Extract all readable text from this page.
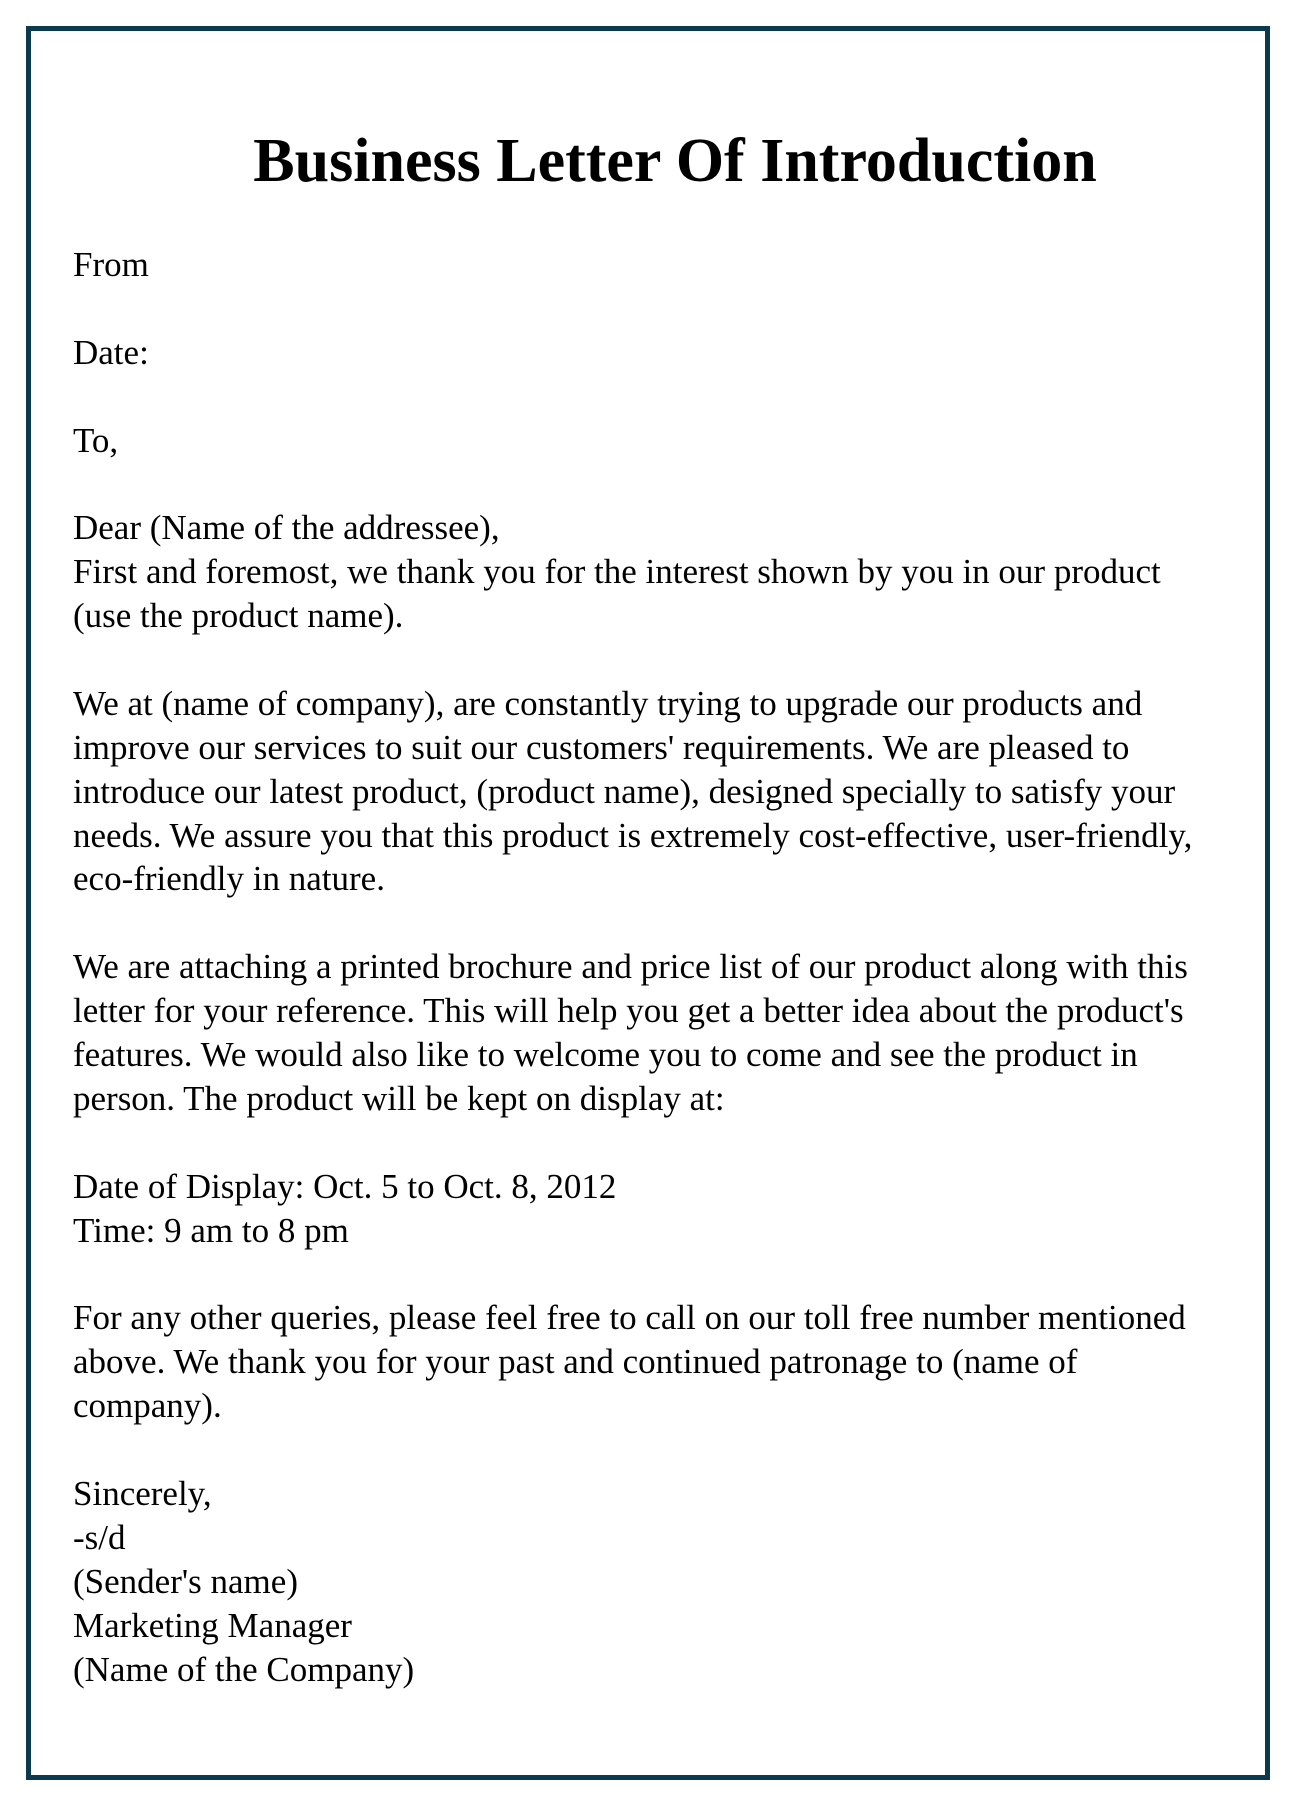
Business Letter Of Introduction
From
Date:
To,
Dear (Name of the addressee),
First and foremost, we thank you for the interest shown by you in our product
(use the product name).
We at (name of company), are constantly trying to upgrade our products and
improve our services to suit our customers' requirements. We are pleased to
introduce our latest product, (product name), designed specially to satisfy your
needs. We assure you that this product is extremely cost-effective, user-friendly,
eco-friendly in nature.
We are attaching a printed brochure and price list of our product along with this
letter for your reference. This will help you get a better idea about the product's
features. We would also like to welcome you to come and see the product in
person. The product will be kept on display at:
Date of Display: Oct. 5 to Oct. 8, 2012
Time: 9 am to 8 pm
For any other queries, please feel free to call on our toll free number mentioned
above. We thank you for your past and continued patronage to (name of
company).
Sincerely,
-s/d
(Sender's name)
Marketing Manager
(Name of the Company)
